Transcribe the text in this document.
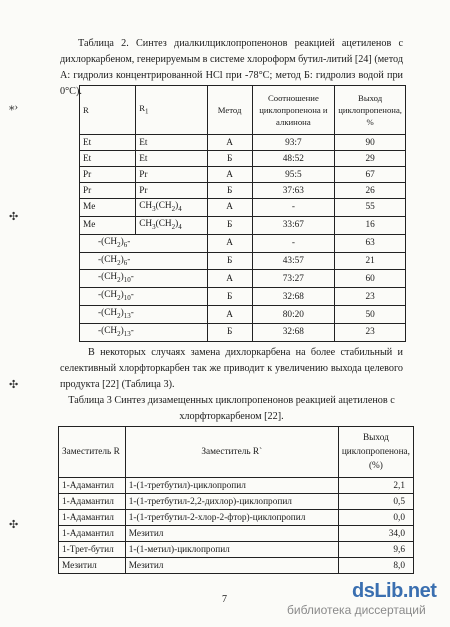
Таблица 2. Синтез диалкилциклопропенонов реакцией ацетиленов с дихлоркарбеном, генерируемым в системе хлороформ бутил-литий [24] (метод А: гидролиз концентрированной HCl при -78°С; метод Б: гидролиз водой при 0°С).
⁎›
✣
✣
✣
R	$R_1$	Метод	Соотношение циклопропенона и алкинона	Выход циклопропенона, %
Et	Et	А	93:7	90
Et	Et	Б	48:52	29
Pr	Pr	А	95:5	67
Pr	Pr	Б	37:63	26
Me	$CH_3(CH_2)_4$	А	-	55
Me	$CH_3(CH_2)_4$	Б	33:67	16
$-(CH_2)_6-$		А	-	63
$-(CH_2)_6-$		Б	43:57	21
$-(CH_2)_{10}-$		А	73:27	60
$-(CH_2)_{10}-$		Б	32:68	23
$-(CH_2)_{13}-$		А	80:20	50
$-(CH_2)_{13}-$		Б	32:68	23
В некоторых случаях замена дихлоркарбена на более стабильный и селективный хлорфторкарбен так же приводит к увеличению выхода целевого продукта [22] (Таблица 3).
Таблица 3 Синтез дизамещенных циклопропенонов реакцией ацетиленов с хлорфторкарбеном [22].
Заместитель R	Заместитель R`	Выход циклопропенона, (%)
1-Адамантил	1-(1-третбутил)-циклопропил	2,1
1-Адамантил	1-(1-третбутил-2,2-дихлор)-циклопропил	0,5
1-Адамантил	1-(1-третбутил-2-хлор-2-фтор)-циклопропил	0,0
1-Адамантил	Мезитил	34,0
1-Трет-бутил	1-(1-метил)-циклопропил	9,6
Мезитил	Мезитил	8,0
7	dsLib.net
библиотека диссертаций
